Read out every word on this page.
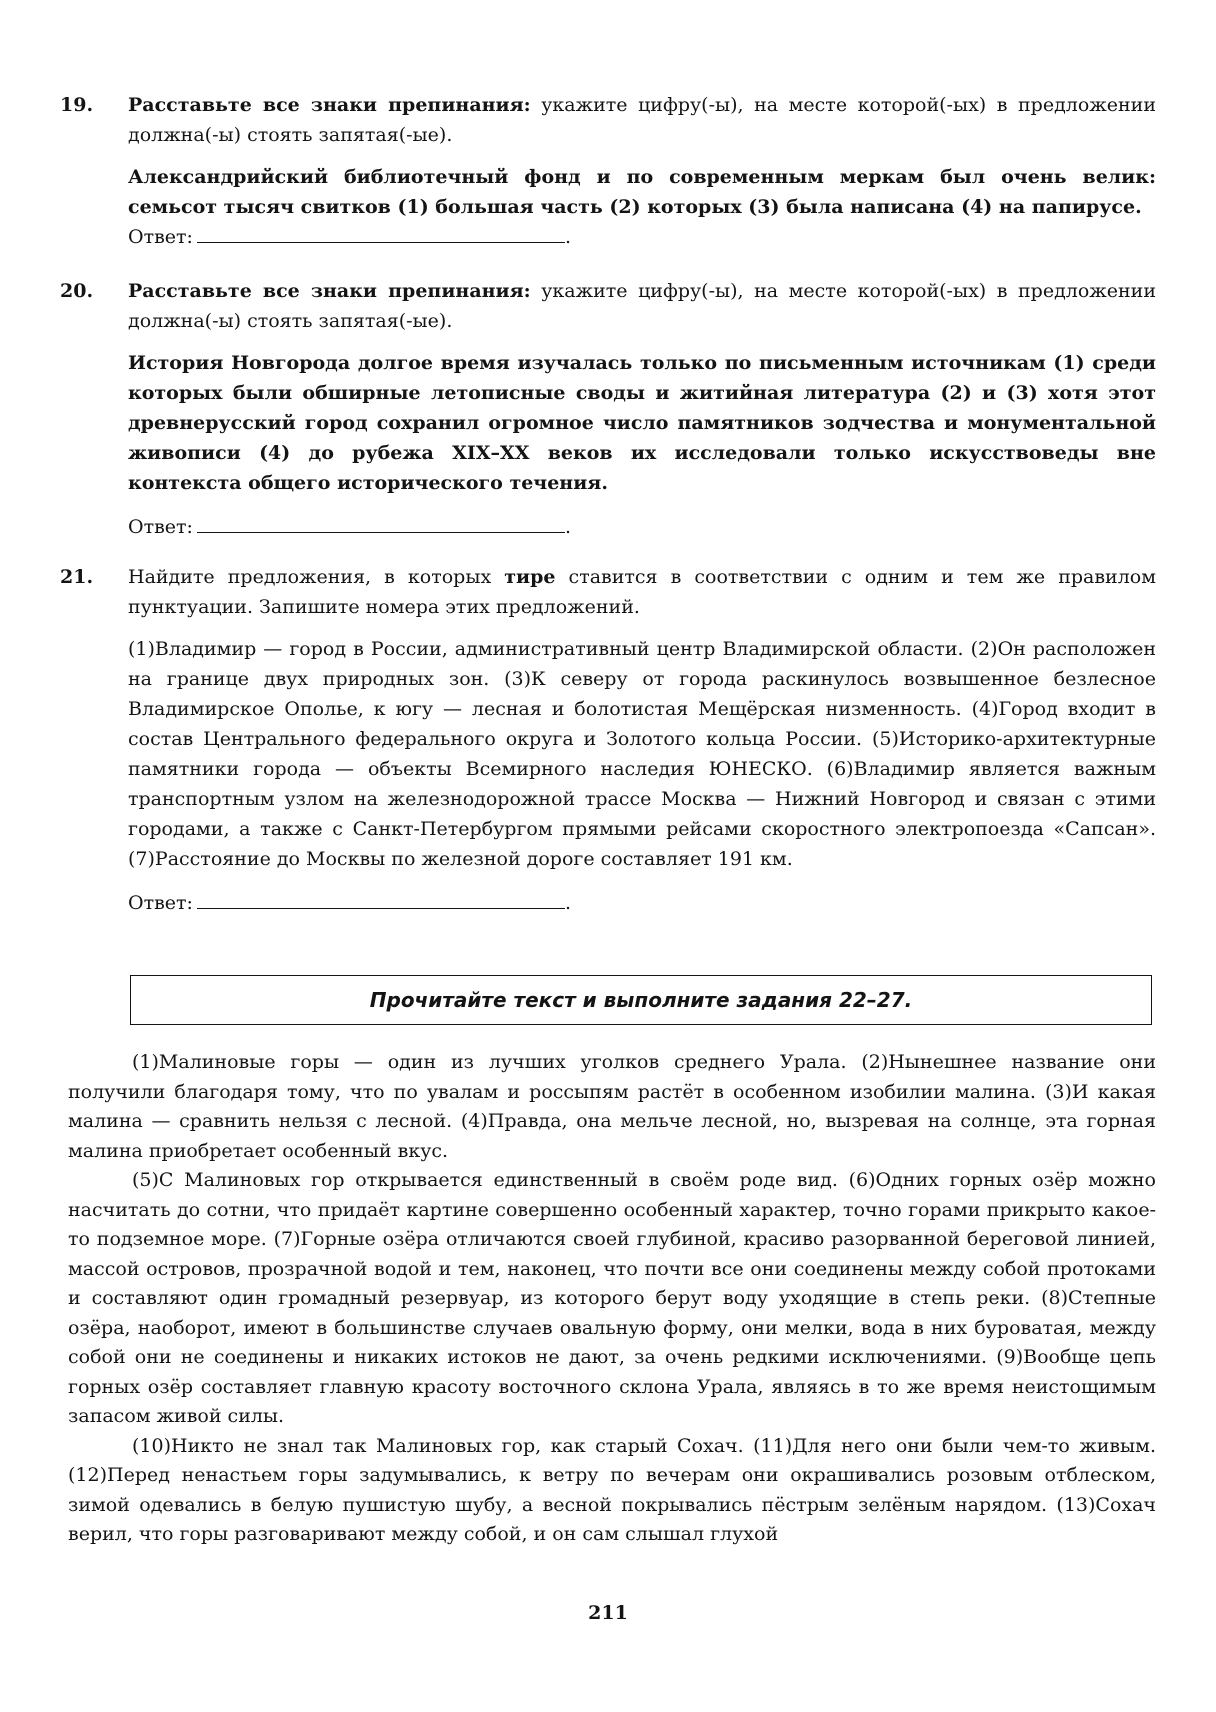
19. Расставьте все знаки препинания: укажите цифру(-ы), на месте которой(-ых) в предложении должна(-ы) стоять запятая(-ые).

Александрийский библиотечный фонд и по современным меркам был очень велик: семьсот тысяч свитков (1) большая часть (2) которых (3) была написана (4) на папирусе.

Ответ:	.
20. Расставьте все знаки препинания: укажите цифру(-ы), на месте которой(-ых) в предложении должна(-ы) стоять запятая(-ые).

История Новгорода долгое время изучалась только по письменным источникам (1) среди которых были обширные летописные своды и житийная литература (2) и (3) хотя этот древнерусский город сохранил огромное число памятников зодчества и монументальной живописи (4) до рубежа XIX–XX веков их исследовали только искусствоведы вне контекста общего исторического течения.

Ответ:	.
21. Найдите предложения, в которых тире ставится в соответствии с одним и тем же правилом пунктуации. Запишите номера этих предложений.

(1)Владимир — город в России, административный центр Владимирской области. (2)Он расположен на границе двух природных зон. (3)К северу от города раскинулось возвышенное безлесное Владимирское Ополье, к югу — лесная и болотистая Мещёрская низменность. (4)Город входит в состав Центрального федерального округа и Золотого кольца России. (5)Историко-архитектурные памятники города — объекты Всемирного наследия ЮНЕСКО. (6)Владимир является важным транспортным узлом на железнодорожной трассе Москва — Нижний Новгород и связан с этими городами, а также с Санкт-Петербургом прямыми рейсами скоростного электропоезда «Сапсан». (7)Расстояние до Москвы по железной дороге составляет 191 км.

Ответ:	.
Прочитайте текст и выполните задания 22–27.

(1)Малиновые горы — один из лучших уголков среднего Урала. (2)Нынешнее название они получили благодаря тому, что по увалам и россыпям растёт в особенном изобилии малина. (3)И какая малина — сравнить нельзя с лесной. (4)Правда, она мельче лесной, но, вызревая на солнце, эта горная малина приобретает особенный вкус.

(5)С Малиновых гор открывается единственный в своём роде вид. (6)Одних горных озёр можно насчитать до сотни, что придаёт картине совершенно особенный характер, точно горами прикрыто какое-то подземное море. (7)Горные озёра отличаются своей глубиной, красиво разорванной береговой линией, массой островов, прозрачной водой и тем, наконец, что почти все они соединены между собой протоками и составляют один громадный резервуар, из которого берут воду уходящие в степь реки. (8)Степные озёра, наоборот, имеют в большинстве случаев овальную форму, они мелки, вода в них буроватая, между собой они не соединены и никаких истоков не дают, за очень редкими исключениями. (9)Вообще цепь горных озёр составляет главную красоту восточного склона Урала, являясь в то же время неистощимым запасом живой силы.

(10)Никто не знал так Малиновых гор, как старый Сохач. (11)Для него они были чем-то живым. (12)Перед ненастьем горы задумывались, к ветру по вечерам они окрашивались розовым отблеском, зимой одевались в белую пушистую шубу, а весной покрывались пёстрым зелёным нарядом. (13)Сохач верил, что горы разговаривают между собой, и он сам слышал глухой

211
